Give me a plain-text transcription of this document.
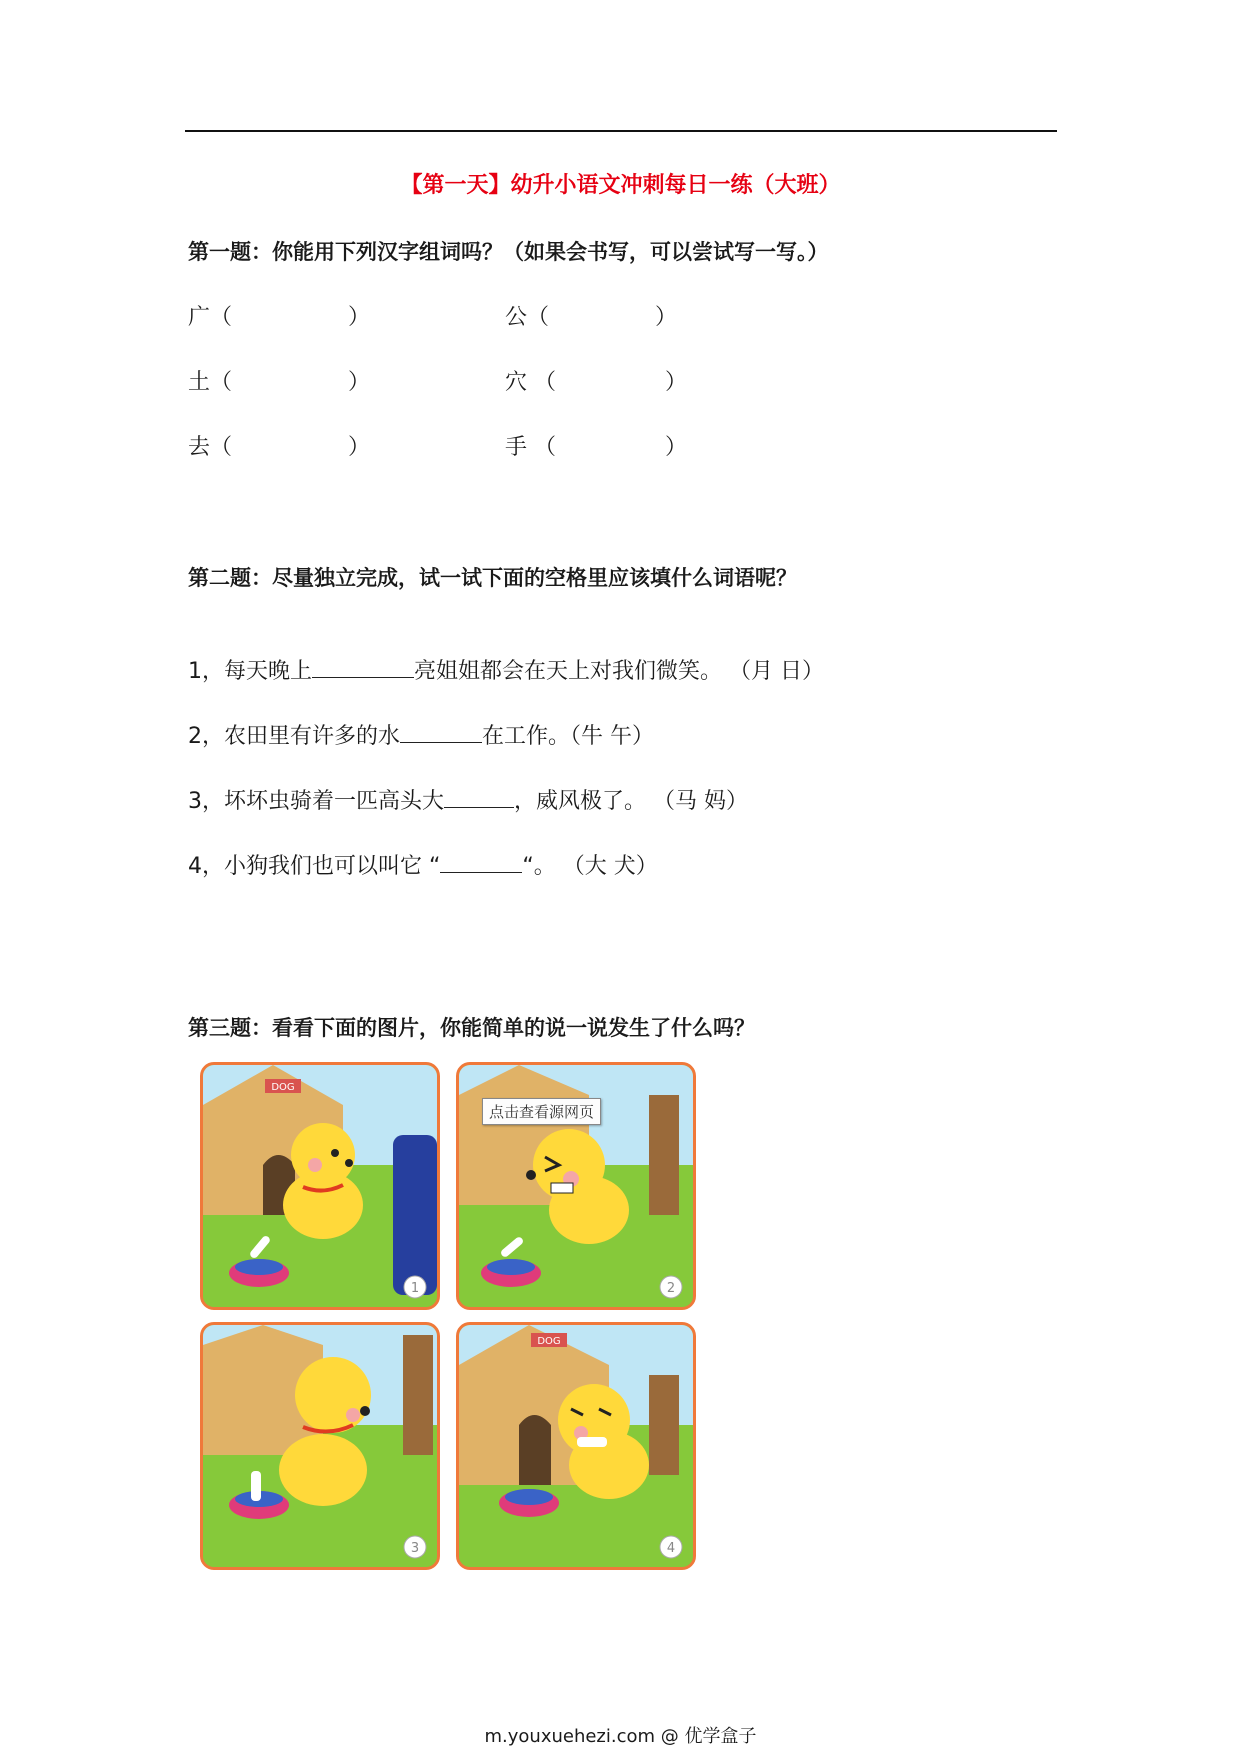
【第一天】幼升小语文冲刺每日一练（大班）
第一题：你能用下列汉字组词吗？（如果会书写，可以尝试写一写。）
广（	）	公（	）
土（	）	穴 （	）
去（	）	手 （	）
第二题：尽量独立完成，试一试下面的空格里应该填什么词语呢？
1，每天晚上	亮姐姐都会在天上对我们微笑。 （月 日）
2，农田里有许多的水	在工作。（牛 午）
3，坏坏虫骑着一匹高头大	，威风极了。 （马 妈）
4，小狗我们也可以叫它 “	“。 （大 犬）
第三题：看看下面的图片，你能简单的说一说发生了什么吗？
DOG
1	2
3
DOG
4
点击查看源网页
m.youxuehezi.com @ 优学盒子
